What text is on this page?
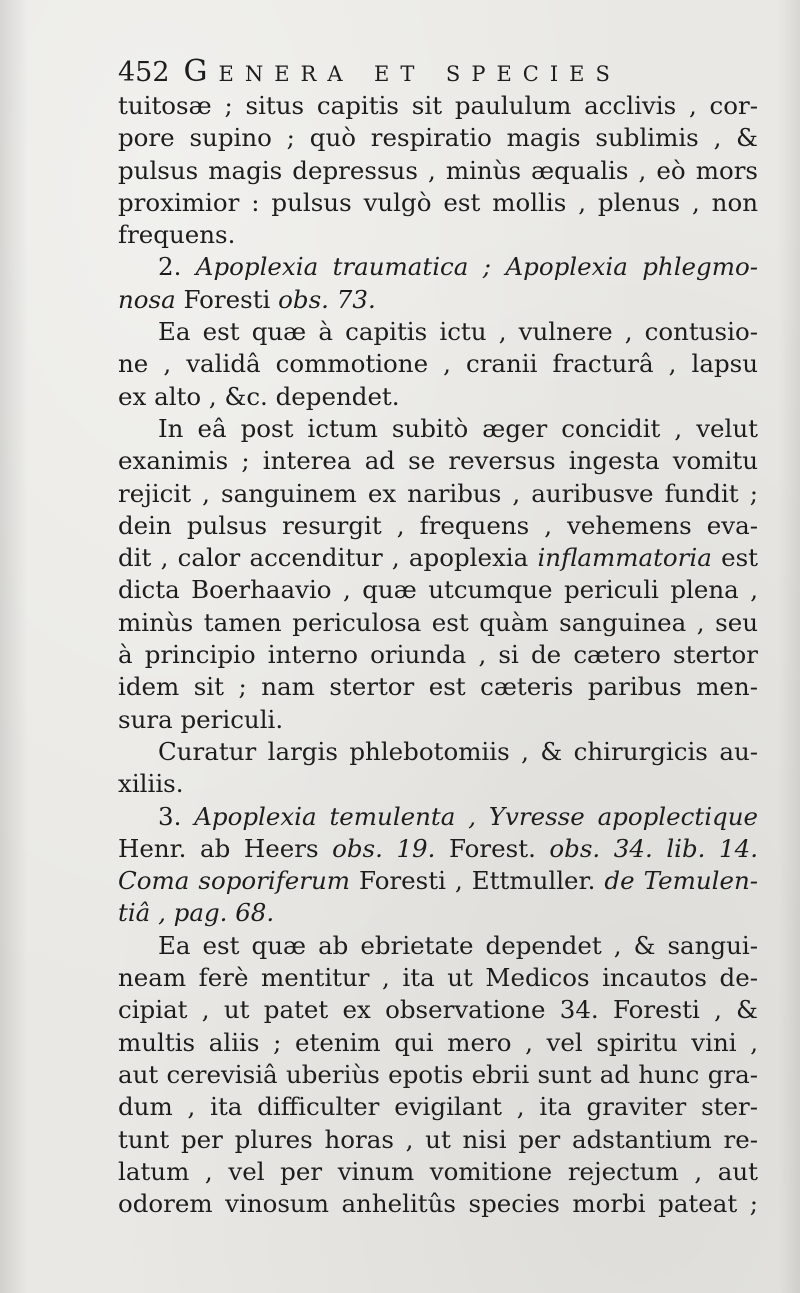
452 Genera et species
tuitosæ ; situs capitis sit paululum acclivis , cor-
pore supino ; quò respiratio magis sublimis , &
pulsus magis depressus , minùs æqualis , eò mors
proximior : pulsus vulgò est mollis , plenus , non
frequens.
2. Apoplexia traumatica ; Apoplexia phlegmo-
nosa Foresti obs. 73.
Ea est quæ à capitis ictu , vulnere , contusio-
ne , validâ commotione , cranii fracturâ , lapsu
ex alto , &c. dependet.
In eâ post ictum subitò æger concidit , velut
exanimis ; interea ad se reversus ingesta vomitu
rejicit , sanguinem ex naribus , auribusve fundit ;
dein pulsus resurgit , frequens , vehemens eva-
dit , calor accenditur , apoplexia inflammatoria est
dicta Boerhaavio , quæ utcumque periculi plena ,
minùs tamen periculosa est quàm sanguinea , seu
à principio interno oriunda , si de cætero stertor
idem sit ; nam stertor est cæteris paribus men-
sura periculi.
Curatur largis phlebotomiis , & chirurgicis au-
xiliis.
3. Apoplexia temulenta , Yvresse apoplectique
Henr. ab Heers obs. 19. Forest. obs. 34. lib. 14.
Coma soporiferum Foresti , Ettmuller. de Temulen-
tiâ , pag. 68.
Ea est quæ ab ebrietate dependet , & sangui-
neam ferè mentitur , ita ut Medicos incautos de-
cipiat , ut patet ex observatione 34. Foresti , &
multis aliis ; etenim qui mero , vel spiritu vini ,
aut cerevisiâ uberiùs epotis ebrii sunt ad hunc gra-
dum , ita difficulter evigilant , ita graviter ster-
tunt per plures horas , ut nisi per adstantium re-
latum , vel per vinum vomitione rejectum , aut
odorem vinosum anhelitûs species morbi pateat ;
